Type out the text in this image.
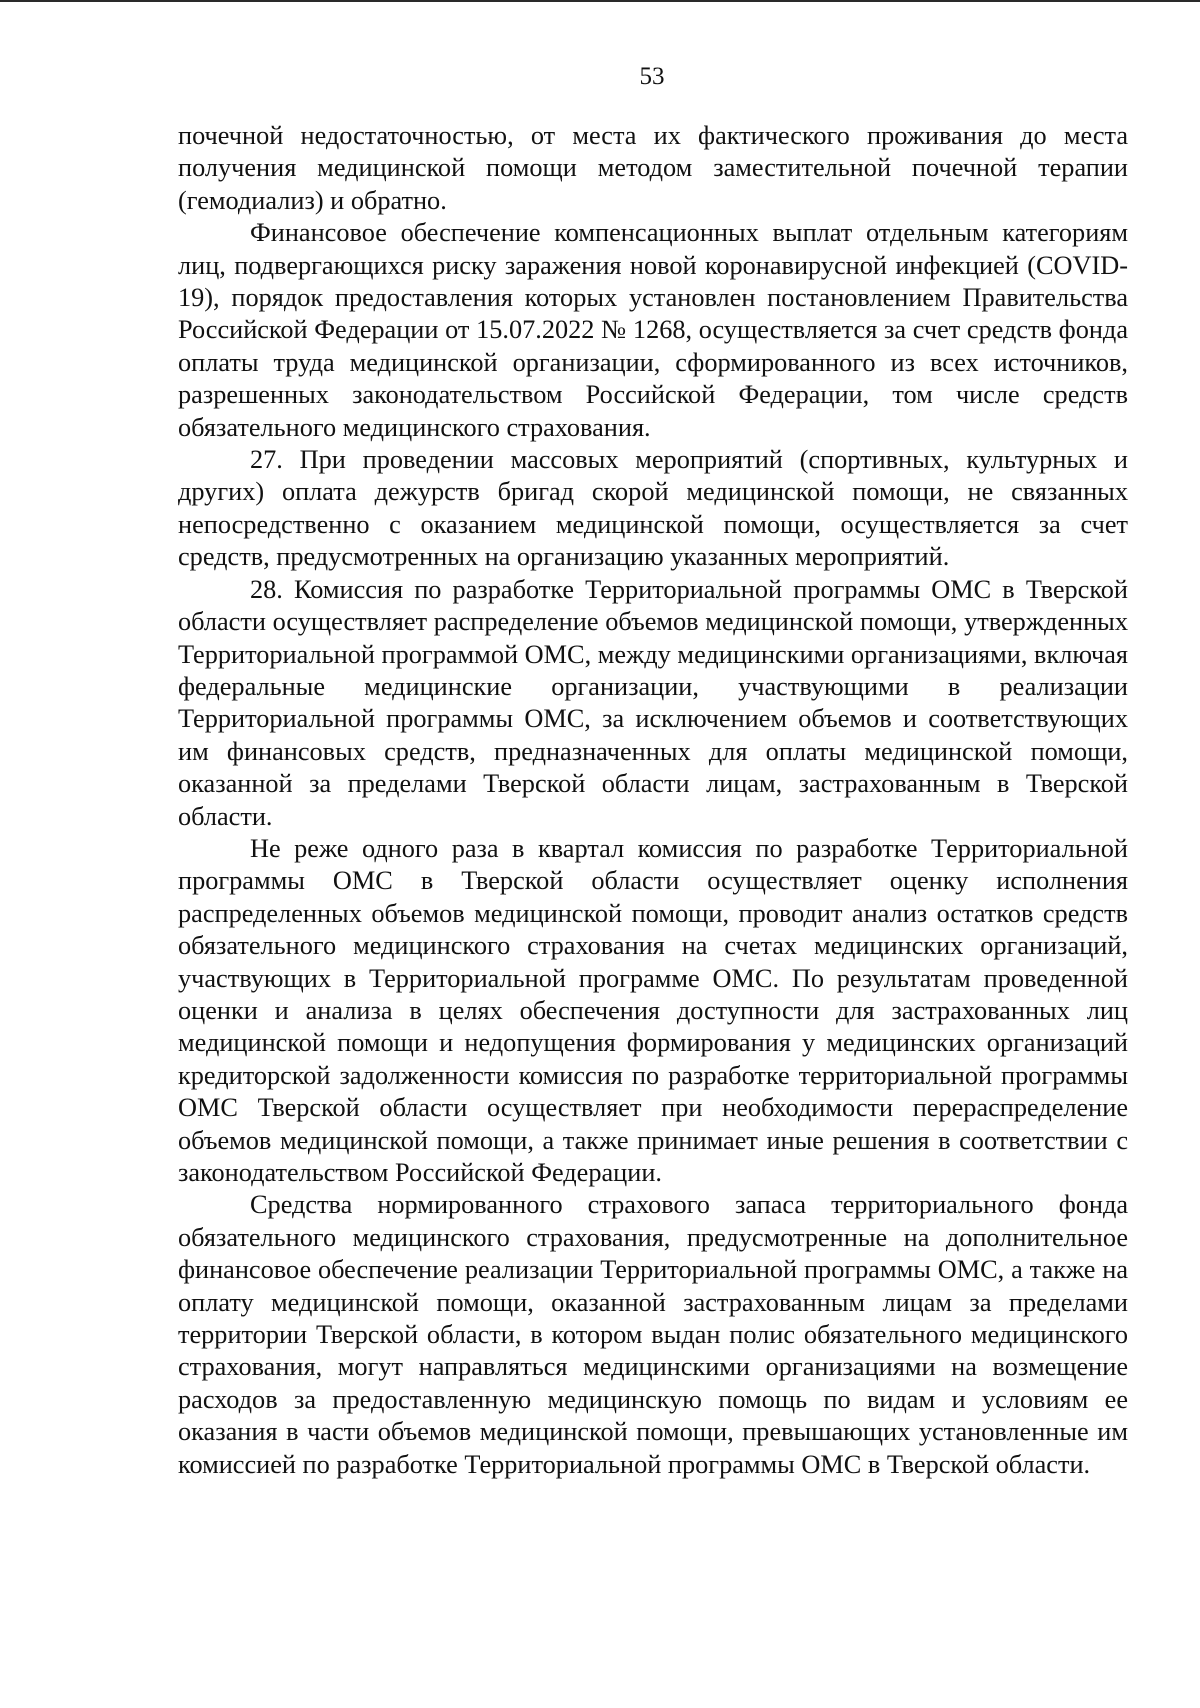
53

почечной недостаточностью, от места их фактического проживания до места получения медицинской помощи методом заместительной почечной терапии (гемодиализ) и обратно.

Финансовое обеспечение компенсационных выплат отдельным категориям лиц, подвергающихся риску заражения новой коронавирусной инфекцией (COVID-19), порядок предоставления которых установлен постановлением Правительства Российской Федерации от 15.07.2022 № 1268, осуществляется за счет средств фонда оплаты труда медицинской организации, сформированного из всех источников, разрешенных законодательством Российской Федерации, том числе средств обязательного медицинского страхования.

27. При проведении массовых мероприятий (спортивных, культурных и других) оплата дежурств бригад скорой медицинской помощи, не связанных непосредственно с оказанием медицинской помощи, осуществляется за счет средств, предусмотренных на организацию указанных мероприятий.

28. Комиссия по разработке Территориальной программы ОМС в Тверской области осуществляет распределение объемов медицинской помощи, утвержденных Территориальной программой ОМС, между медицинскими организациями, включая федеральные медицинские организации, участвующими в реализации Территориальной программы ОМС, за исключением объемов и соответствующих им финансовых средств, предназначенных для оплаты медицинской помощи, оказанной за пределами Тверской области лицам, застрахованным в Тверской области.

Не реже одного раза в квартал комиссия по разработке Территориальной программы ОМС в Тверской области осуществляет оценку исполнения распределенных объемов медицинской помощи, проводит анализ остатков средств обязательного медицинского страхования на счетах медицинских организаций, участвующих в Территориальной программе ОМС. По результатам проведенной оценки и анализа в целях обеспечения доступности для застрахованных лиц медицинской помощи и недопущения формирования у медицинских организаций кредиторской задолженности комиссия по разработке территориальной программы ОМС Тверской области осуществляет при необходимости перераспределение объемов медицинской помощи, а также принимает иные решения в соответствии с законодательством Российской Федерации.

Средства нормированного страхового запаса территориального фонда обязательного медицинского страхования, предусмотренные на дополнительное финансовое обеспечение реализации Территориальной программы ОМС, а также на оплату медицинской помощи, оказанной застрахованным лицам за пределами территории Тверской области, в котором выдан полис обязательного медицинского страхования, могут направляться медицинскими организациями на возмещение расходов за предоставленную медицинскую помощь по видам и условиям ее оказания в части объемов медицинской помощи, превышающих установленные им комиссией по разработке Территориальной программы ОМС в Тверской области.
